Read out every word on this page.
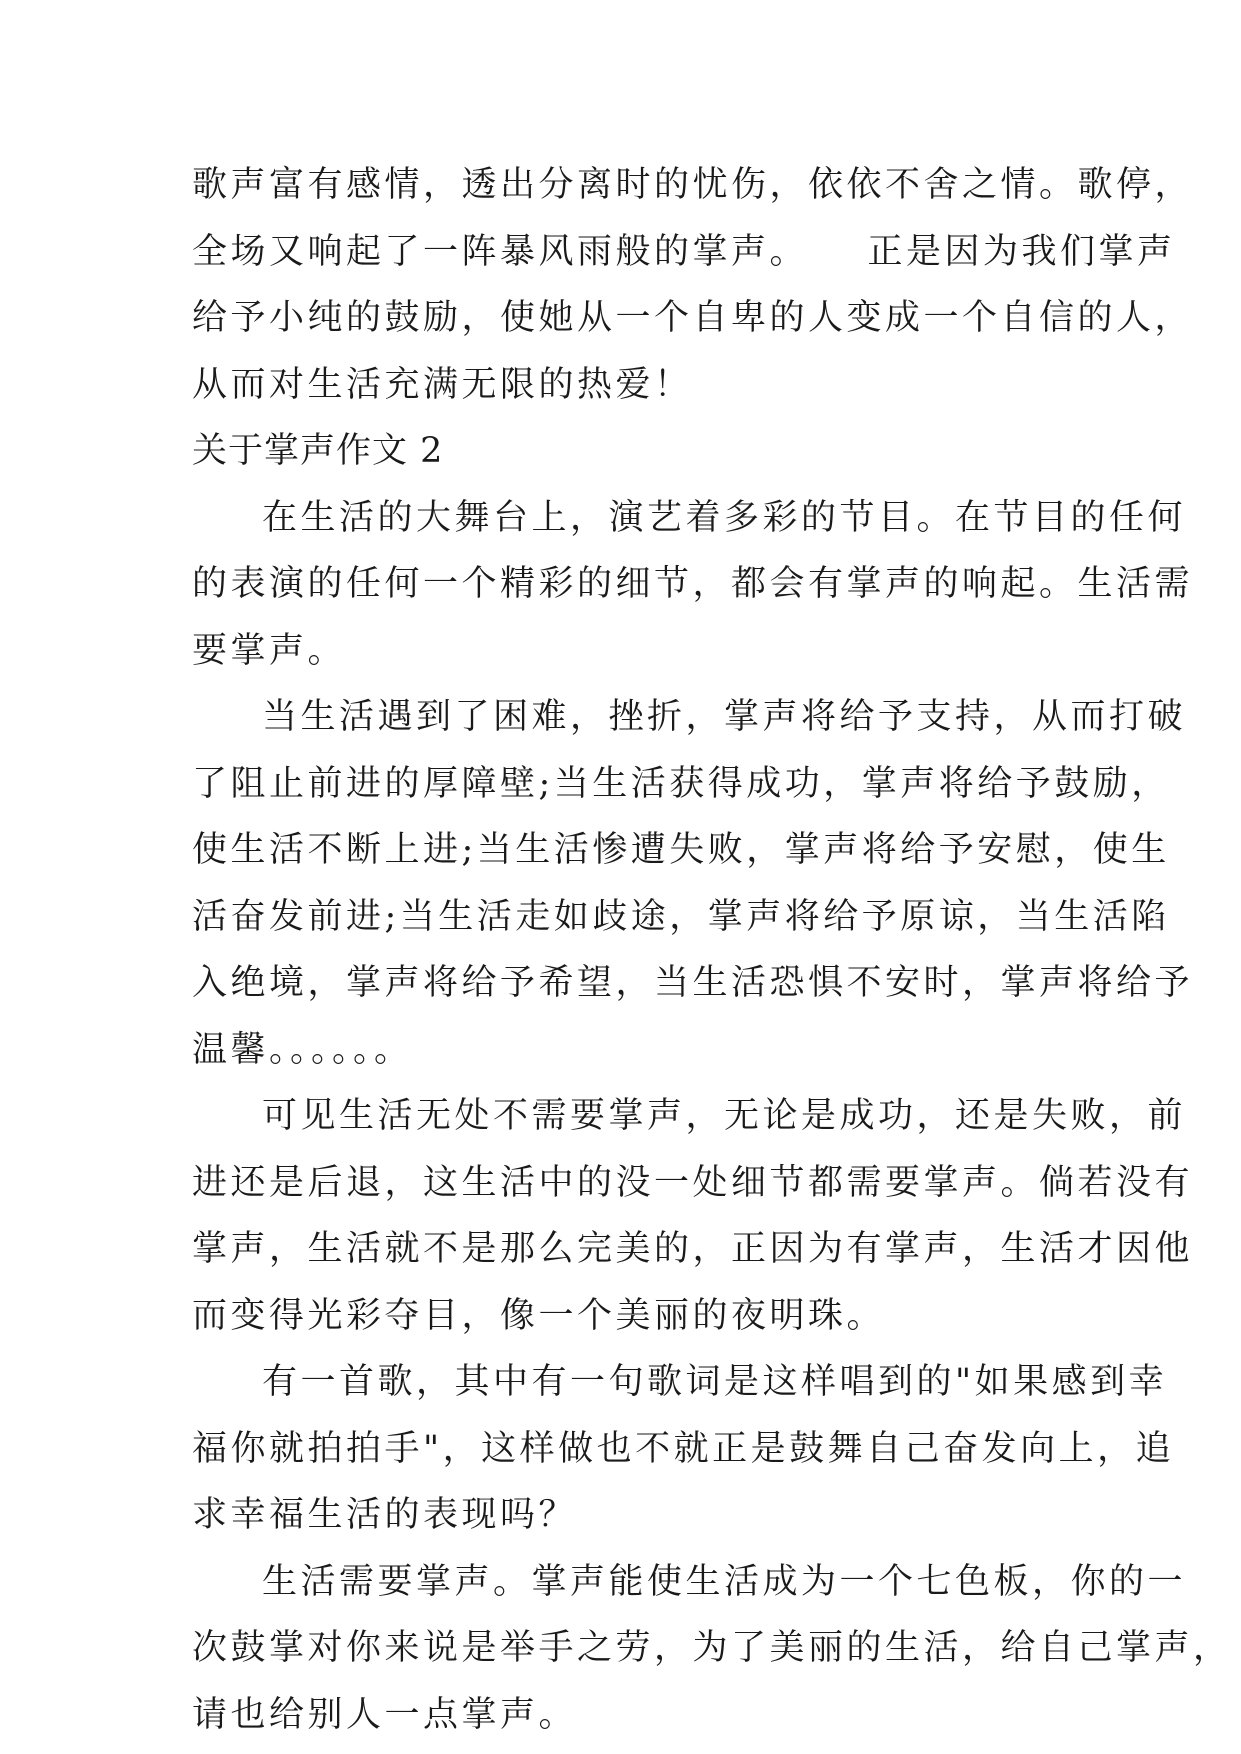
歌声富有感情，透出分离时的忧伤，依依不舍之情。歌停，

全场又响起了一阵暴风雨般的掌声。　　正是因为我们掌声

给予小纯的鼓励，使她从一个自卑的人变成一个自信的人，

从而对生活充满无限的热爱！

关于掌声作文 2

在生活的大舞台上，演艺着多彩的节目。在节目的任何

的表演的任何一个精彩的细节，都会有掌声的响起。生活需

要掌声。

当生活遇到了困难，挫折，掌声将给予支持，从而打破

了阻止前进的厚障壁;当生活获得成功，掌声将给予鼓励，

使生活不断上进;当生活惨遭失败，掌声将给予安慰，使生

活奋发前进;当生活走如歧途，掌声将给予原谅，当生活陷

入绝境，掌声将给予希望，当生活恐惧不安时，掌声将给予

温馨。。。。。。

可见生活无处不需要掌声，无论是成功，还是失败，前

进还是后退，这生活中的没一处细节都需要掌声。倘若没有

掌声，生活就不是那么完美的，正因为有掌声，生活才因他

而变得光彩夺目，像一个美丽的夜明珠。

有一首歌，其中有一句歌词是这样唱到的"如果感到幸

福你就拍拍手"，这样做也不就正是鼓舞自己奋发向上，追

求幸福生活的表现吗？

生活需要掌声。掌声能使生活成为一个七色板，你的一

次鼓掌对你来说是举手之劳，为了美丽的生活，给自己掌声，

请也给别人一点掌声。
